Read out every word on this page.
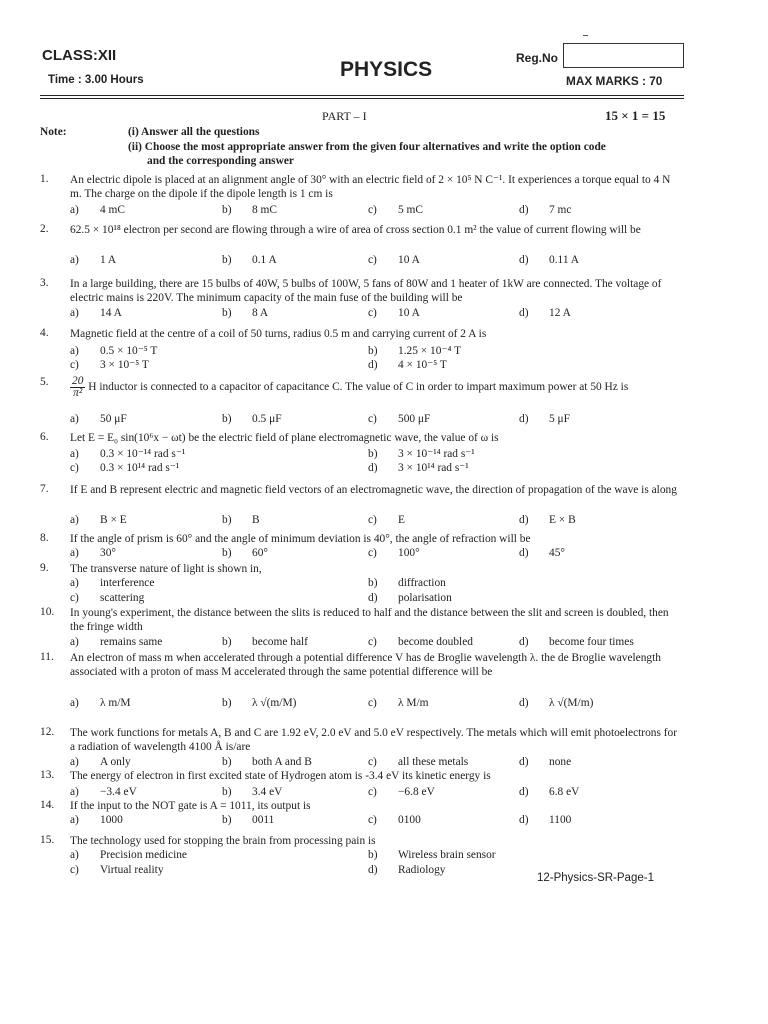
CLASS:XII
Time : 3.00 Hours	PHYSICS	Reg.No
MAX MARKS : 70
PART – I	15 × 1 = 15
Note:	(i) Answer all the questions
(ii) Choose the most appropriate answer from the given four alternatives and write the option code
and the corresponding answer
1.	An electric dipole is placed at an alignment angle of 30° with an electric field of 2 × 10⁵ N C⁻¹. It experiences a torque equal to 4 N m. The charge on the dipole if the dipole length is 1 cm is
a) 4 mC	b) 8 mC	c) 5 mC	d) 7 mc
2.	62.5 × 10¹⁸ electron per second are flowing through a wire of area of cross section 0.1 m² the value of current flowing will be
a) 1 A	b) 0.1 A	c) 10 A	d) 0.11 A
3.	In a large building, there are 15 bulbs of 40W, 5 bulbs of 100W, 5 fans of 80W and 1 heater of 1kW are connected. The voltage of electric mains is 220V. The minimum capacity of the main fuse of the building will be
a) 14 A	b) 8 A	c) 10 A	d) 12 A
4.	Magnetic field at the centre of a coil of 50 turns, radius 0.5 m and carrying current of 2 A is
a) 0.5 × 10⁻⁵ T	b) 1.25 × 10⁻⁴ T
c) 3 × 10⁻⁵ T	d) 4 × 10⁻⁵ T
5.	$\frac{20}{\text{π²}}$ H inductor is connected to a capacitor of capacitance C. The value of C in order to impart maximum power at 50 Hz is
a) 50 μF	b) 0.5 μF	c) 500 μF	d) 5 μF
6.	Let E = E₀ sin(10⁶x − ωt) be the electric field of plane electromagnetic wave, the value of ω is
a) 0.3 × 10⁻¹⁴ rad s⁻¹	b) 3 × 10⁻¹⁴ rad s⁻¹
c) 0.3 × 10¹⁴ rad s⁻¹	d) 3 × 10¹⁴ rad s⁻¹
7.	If E and B represent electric and magnetic field vectors of an electromagnetic wave, the direction of propagation of the wave is along
a) B × E	b) B	c) E	d) E × B
8.	If the angle of prism is 60° and the angle of minimum deviation is 40°, the angle of refraction will be
a) 30°	b) 60°	c) 100°	d) 45°
9.	The transverse nature of light is shown in,
a) interference	b) diffraction
c) scattering	d) polarisation
10.	In young's experiment, the distance between the slits is reduced to half and the distance between the slit and screen is doubled, then the fringe width
a) remains same	b) become half	c) become doubled	d) become four times
11.	An electron of mass m when accelerated through a potential difference V has de Broglie wavelength λ. the de Broglie wavelength associated with a proton of mass M accelerated through the same potential difference will be
a) λ m/M	b) λ √(m/M)	c) λ M/m	d) λ √(M/m)
12.	The work functions for metals A, B and C are 1.92 eV, 2.0 eV and 5.0 eV respectively. The metals which will emit photoelectrons for a radiation of wavelength 4100 Å is/are
a) A only	b) both A and B	c) all these metals	d) none
13.	The energy of electron in first excited state of Hydrogen atom is -3.4 eV its kinetic energy is
a) −3.4 eV	b) 3.4 eV	c) −6.8 eV	d) 6.8 eV
14.	If the input to the NOT gate is A = 1011, its output is
a) 1000	b) 0011	c) 0100	d) 1100
15.	The technology used for stopping the brain from processing pain is
a) Precision medicine	b) Wireless brain sensor
c) Virtual reality	d) Radiology
12-Physics-SR-Page-1
